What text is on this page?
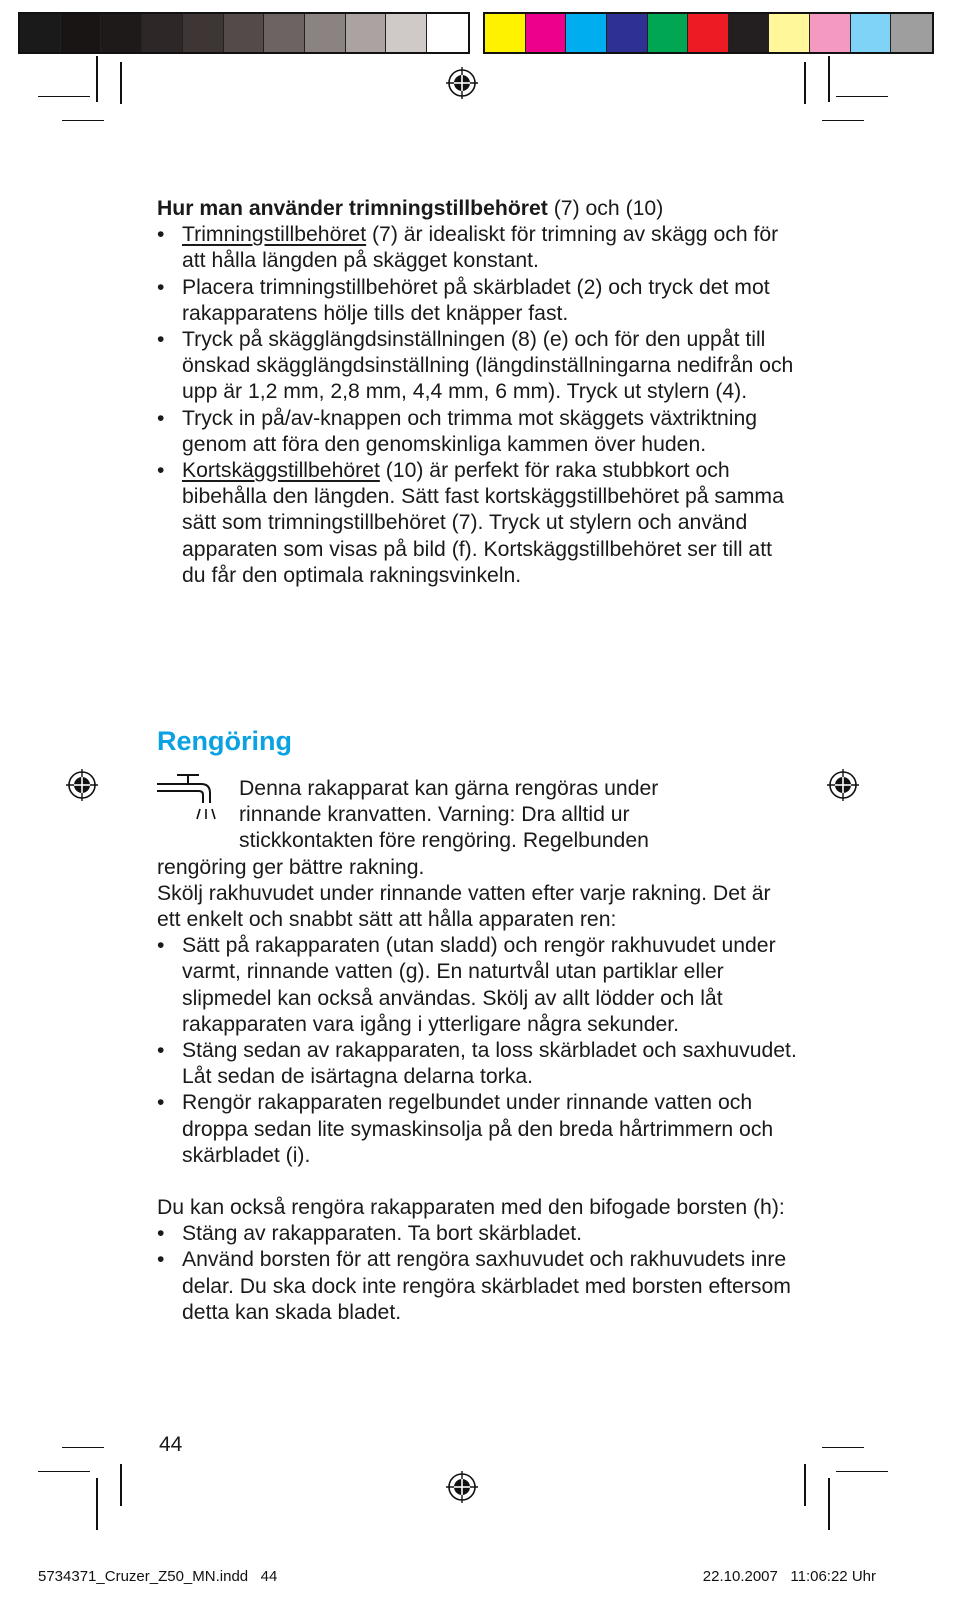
Hur man använder trimningstillbehöret (7) och (10)

• Trimningstillbehöret (7) är idealiskt för trimning av skägg och för att hålla längden på skägget konstant.
• Placera trimningstillbehöret på skärbladet (2) och tryck det mot rakapparatens hölje tills det knäpper fast.
• Tryck på skägglängdsinställningen (8) (e) och för den uppåt till önskad skägglängdsinställning (längdinställningarna nedifrån och upp är 1,2 mm, 2,8 mm, 4,4 mm, 6 mm). Tryck ut stylern (4).
• Tryck in på/av-knappen och trimma mot skäggets växtriktning genom att föra den genomskinliga kammen över huden.
• Kortskäggstillbehöret (10) är perfekt för raka stubbkort och bibehålla den längden. Sätt fast kortskäggstillbehöret på samma sätt som trimningstillbehöret (7). Tryck ut stylern och använd apparaten som visas på bild (f). Kortskäggstillbehöret ser till att du får den optimala rakningsvinkeln.
Rengöring

Denna rakapparat kan gärna rengöras under

rinnande kranvatten. Varning: Dra alltid ur

stickkontakten före rengöring. Regelbunden

rengöring ger bättre rakning.

Skölj rakhuvudet under rinnande vatten efter varje rakning. Det är ett enkelt och snabbt sätt att hålla apparaten ren:

• Sätt på rakapparaten (utan sladd) och rengör rakhuvudet under varmt, rinnande vatten (g). En naturtvål utan partiklar eller slipmedel kan också användas. Skölj av allt lödder och låt rakapparaten vara igång i ytterligare några sekunder.
• Stäng sedan av rakapparaten, ta loss skärbladet och saxhuvudet. Låt sedan de isärtagna delarna torka.
• Rengör rakapparaten regelbundet under rinnande vatten och droppa sedan lite symaskinsolja på den breda hårtrimmern och skärbladet (i).

Du kan också rengöra rakapparaten med den bifogade borsten (h):

• Stäng av rakapparaten. Ta bort skärbladet.
• Använd borsten för att rengöra saxhuvudet och rakhuvudets inre delar. Du ska dock inte rengöra skärbladet med borsten eftersom detta kan skada bladet.
44
5734371_Cruzer_Z50_MN.indd   44	22.10.2007   11:06:22 Uhr
